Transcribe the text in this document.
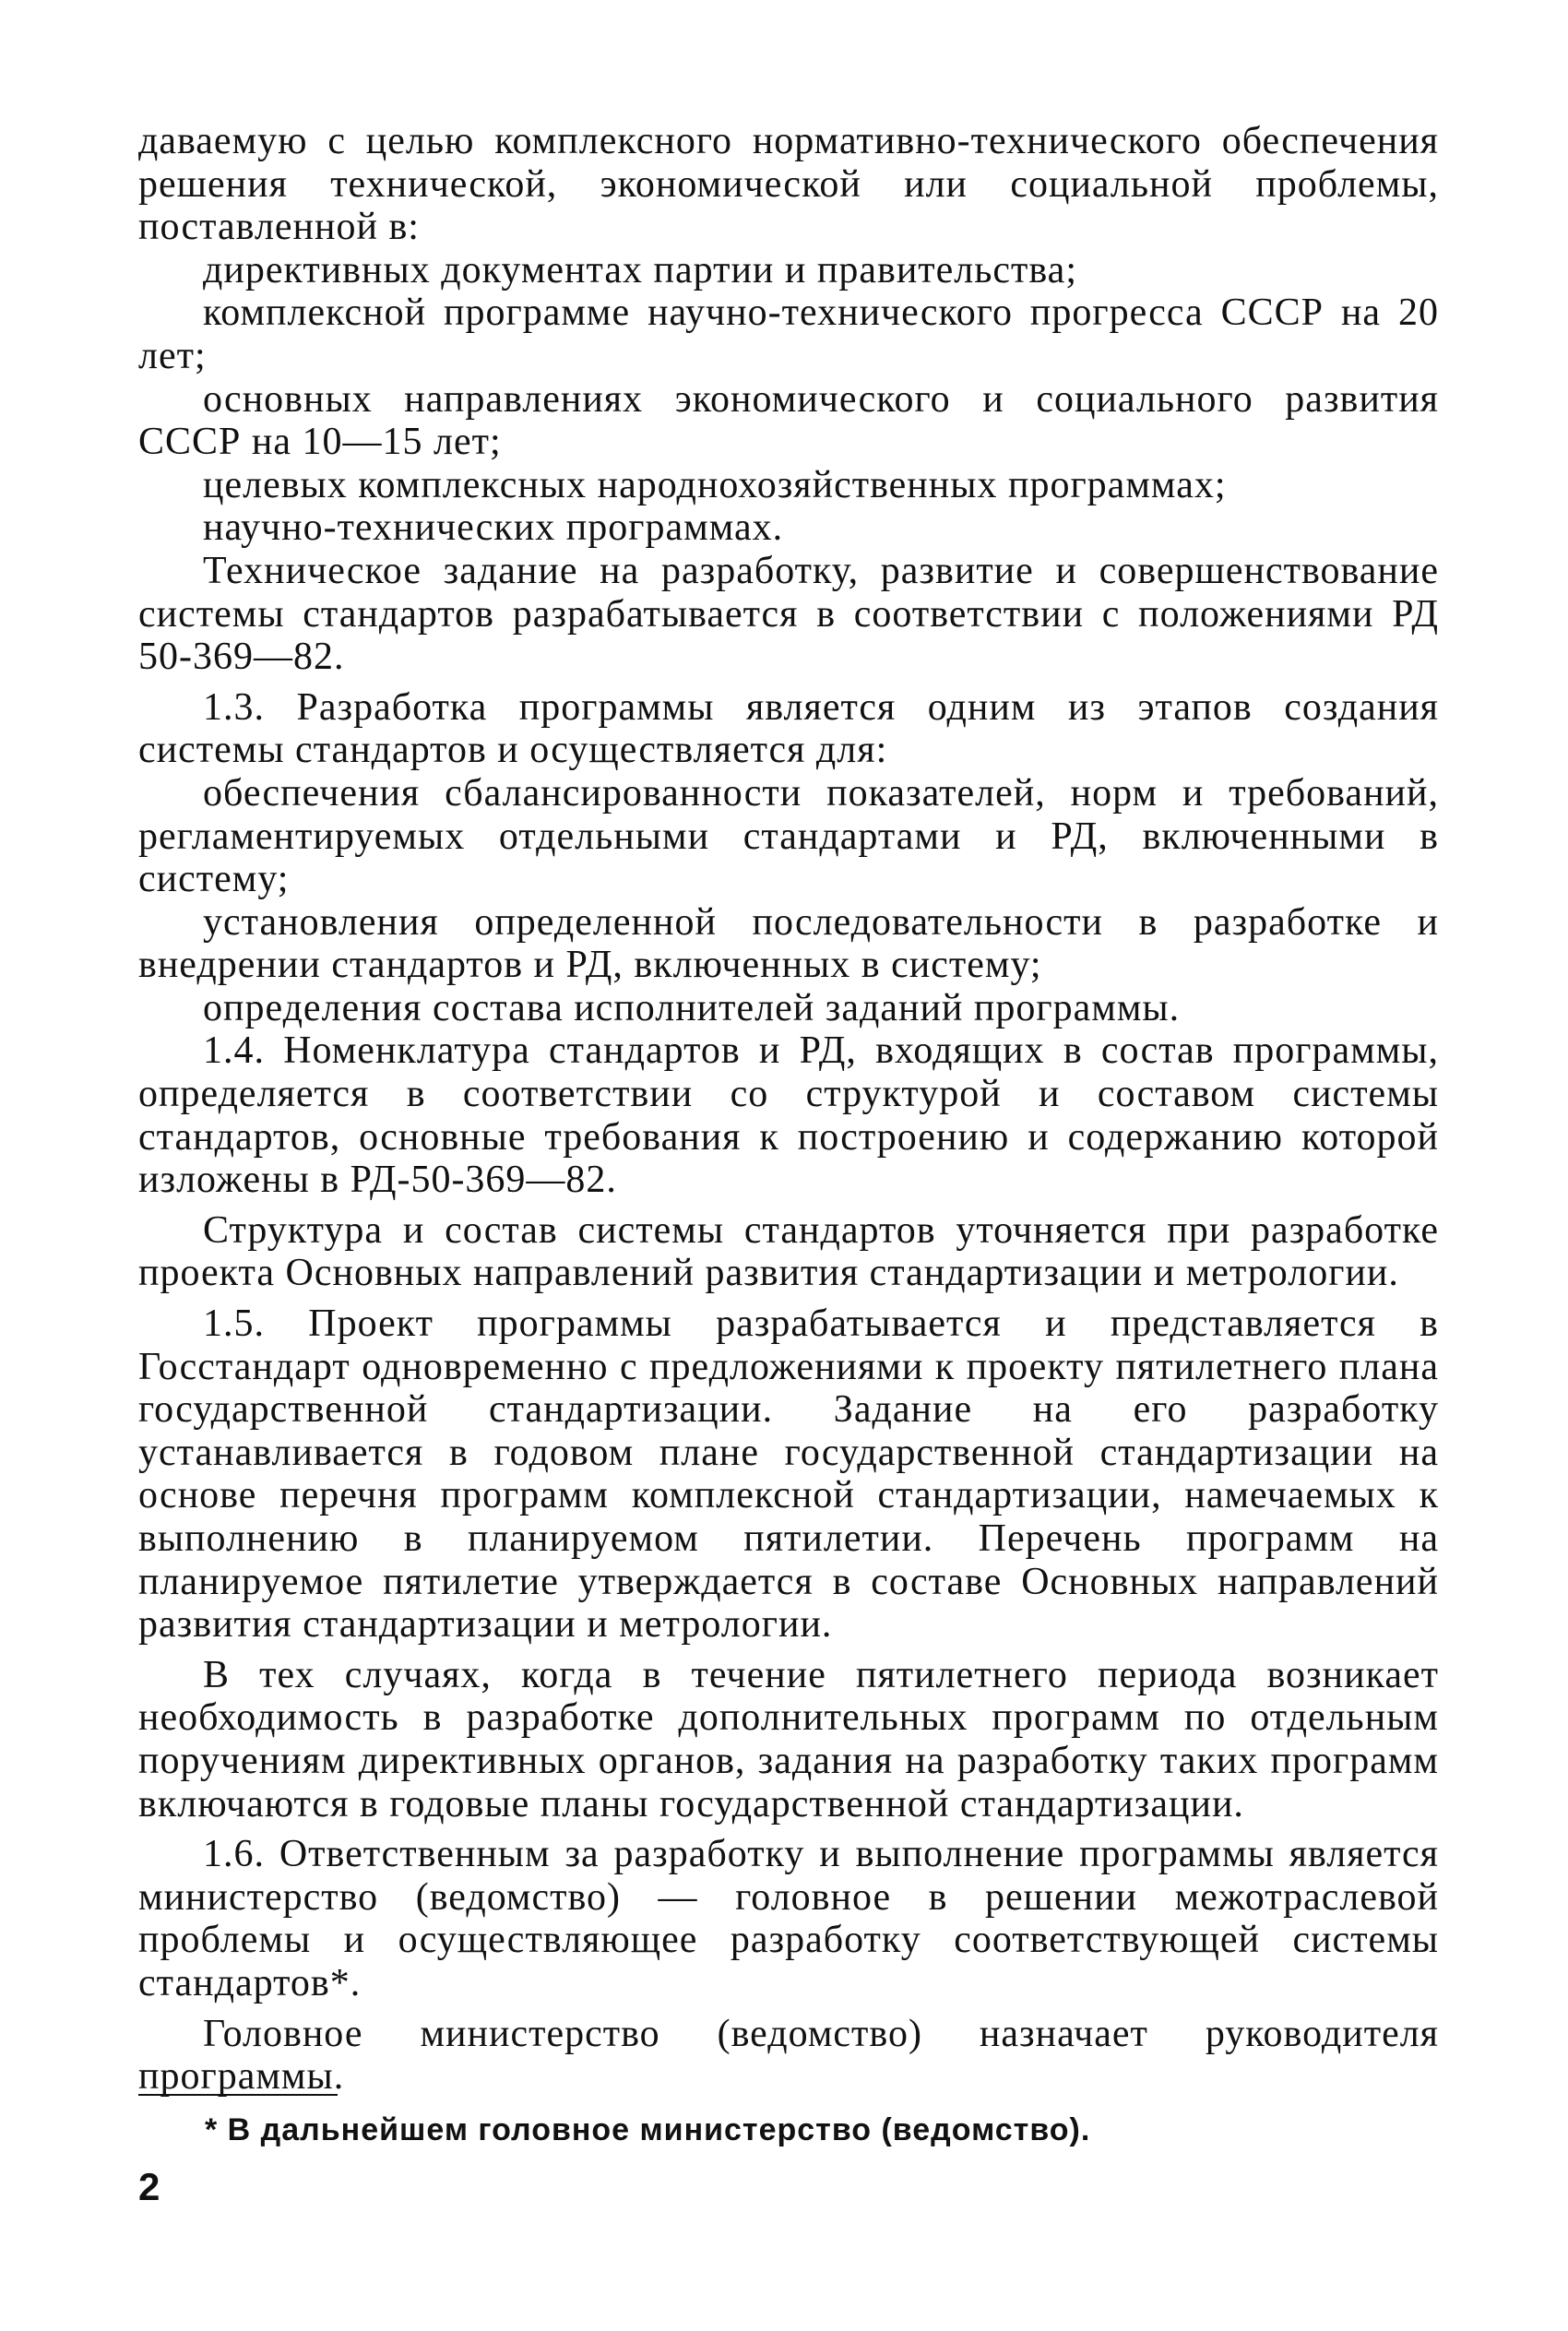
даваемую с целью комплексного нормативно-технического обеспечения решения технической, экономической или социальной проблемы, поставленной в:

директивных документах партии и правительства;

комплексной программе научно-технического прогресса СССР на 20 лет;

основных направлениях экономического и социального развития СССР на 10—15 лет;

целевых комплексных народнохозяйственных программах;

научно-технических программах.

Техническое задание на разработку, развитие и совершенствование системы стандартов разрабатывается в соответствии с положениями РД 50-369—82.

1.3. Разработка программы является одним из этапов создания системы стандартов и осуществляется для:

обеспечения сбалансированности показателей, норм и требований, регламентируемых отдельными стандартами и РД, включенными в систему;

установления определенной последовательности в разработке и внедрении стандартов и РД, включенных в систему;

определения состава исполнителей заданий программы.

1.4. Номенклатура стандартов и РД, входящих в состав программы, определяется в соответствии со структурой и составом системы стандартов, основные требования к построению и содержанию которой изложены в РД-50-369—82.

Структура и состав системы стандартов уточняется при разработке проекта Основных направлений развития стандартизации и метрологии.

1.5. Проект программы разрабатывается и представляется в Госстандарт одновременно с предложениями к проекту пятилетнего плана государственной стандартизации. Задание на его разработку устанавливается в годовом плане государственной стандартизации на основе перечня программ комплексной стандартизации, намечаемых к выполнению в планируемом пятилетии. Перечень программ на планируемое пятилетие утверждается в составе Основных направлений развития стандартизации и метрологии.

В тех случаях, когда в течение пятилетнего периода возникает необходимость в разработке дополнительных программ по отдельным поручениям директивных органов, задания на разработку таких программ включаются в годовые планы государственной стандартизации.

1.6. Ответственным за разработку и выполнение программы является министерство (ведомство) — головное в решении межотраслевой проблемы и осуществляющее разработку соответствующей системы стандартов*.

Головное министерство (ведомство) назначает руководителя программы.

* В дальнейшем головное министерство (ведомство).
2
